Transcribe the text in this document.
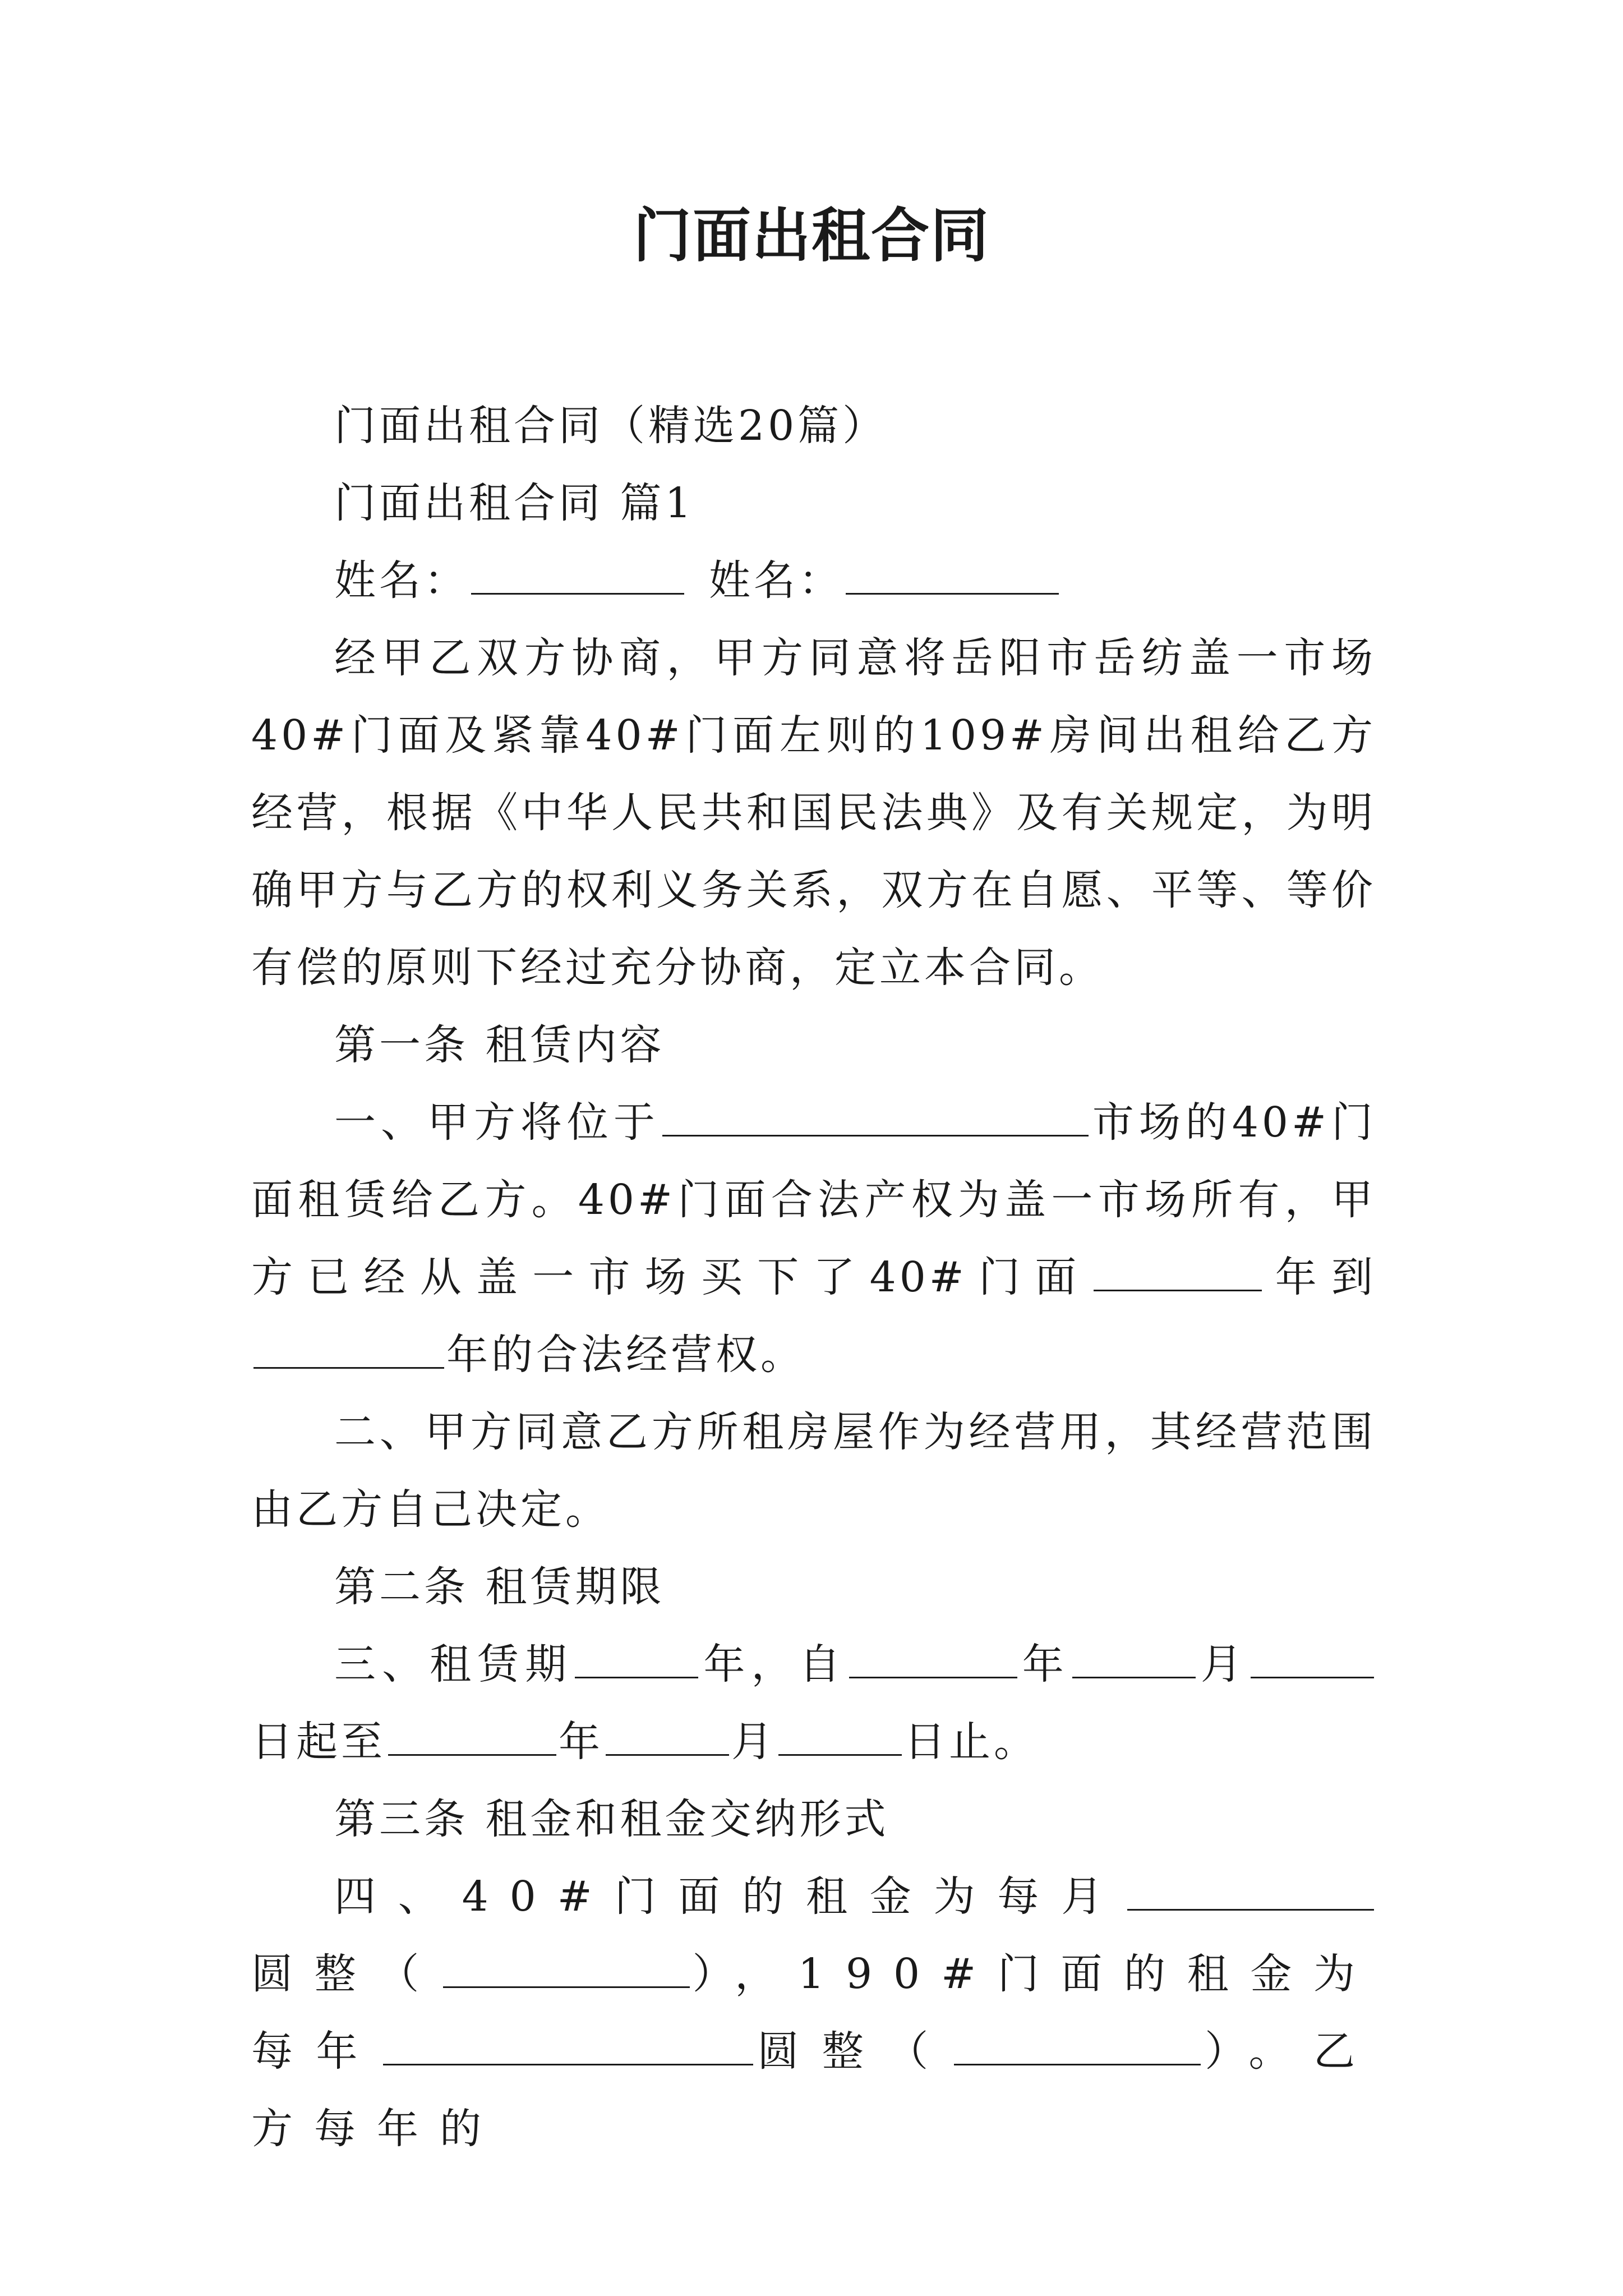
门面出租合同

门面出租合同（精选20篇）

门面出租合同 篇1

姓名：	姓名：

经甲乙双方协商，甲方同意将岳阳市岳纺盖一市场40#门面及紧靠40#门面左则的109#房间出租给乙方经营，根据《中华人民共和国民法典》及有关规定，为明确甲方与乙方的权利义务关系，双方在自愿、平等、等价有偿的原则下经过充分协商，定立本合同。

第一条 租赁内容

一、甲方将位于	市场的40#门面租赁给乙方。40#门面合法产权为盖一市场所有，甲方已经从盖一市场买下了40#门面	年到年的合法经营权。

二、甲方同意乙方所租房屋作为经营用，其经营范围由乙方自己决定。

第二条 租赁期限

三、租赁期	年，自	年	月日起至	年	月	日止。

第三条 租金和租金交纳形式

四、40#门面的租金为每月圆整（	），190#门面的租金为每年	圆整（	）。乙方每年的
